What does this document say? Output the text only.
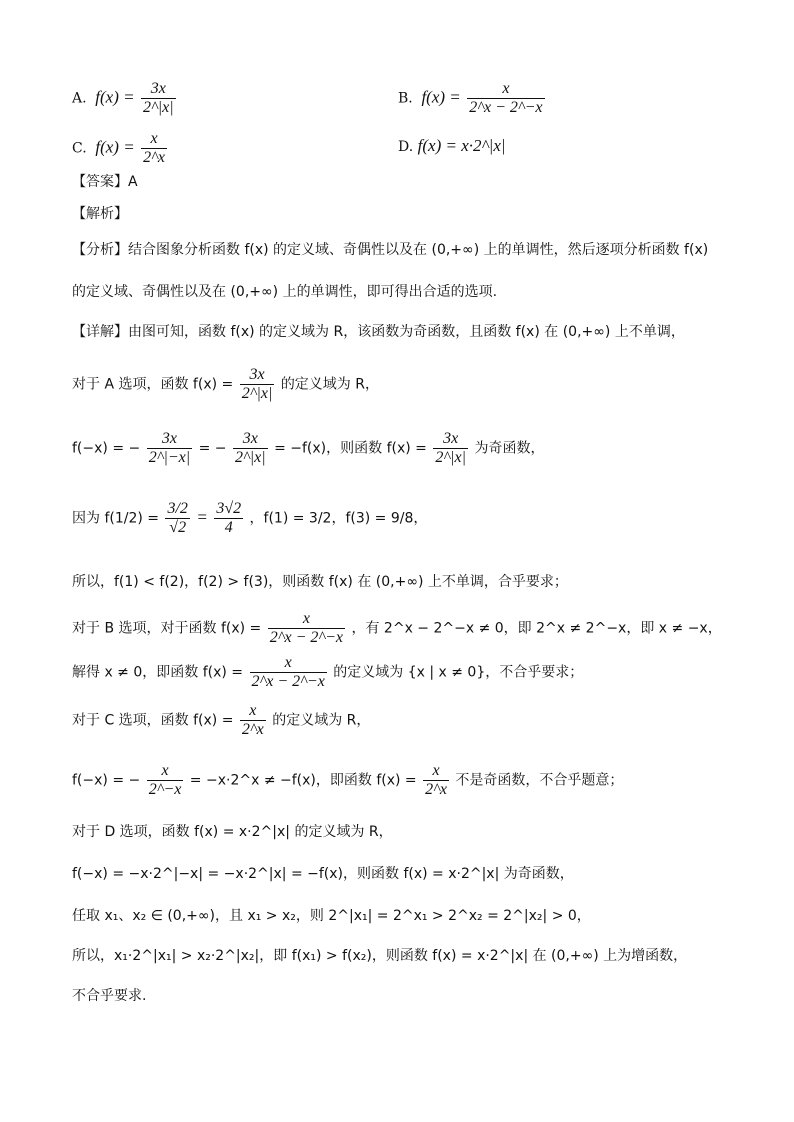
A.  $f(x) = \frac{3x}{2\^{}|x|}$	B.  $f(x) = \frac{x}{2\^{}x - 2\^{}-x}$
C.  $f(x) = \frac{x}{2\^{}x}$	D. f(x) = x·2^|x|
【答案】A
【解析】
【分析】结合图象分析函数 f(x) 的定义域、奇偶性以及在 (0,+∞) 上的单调性，然后逐项分析函数 f(x)
的定义域、奇偶性以及在 (0,+∞) 上的单调性，即可得出合适的选项.
【详解】由图可知，函数 f(x) 的定义域为 R，该函数为奇函数，且函数 f(x) 在 (0,+∞) 上不单调，
对于 A 选项，函数 $f(x) = \frac{3x}{2\^{}|x|}$ 的定义域为 R，
f(−x) = − $\frac{3x}{2\^{}|-x|}$ = − $\frac{3x}{2\^{}|x|} = -f(x)$，则函数 $f(x) = \frac{3x}{2\^{}|x|}$ 为奇函数，
因为 $f(1/2) = \frac{3/2}{√2} = \frac{3√2}{4}$ ，f(1) = 3/2，f(3) = 9/8，
所以，f(1) < f(2)，f(2) > f(3)，则函数 f(x) 在 (0,+∞) 上不单调，合乎要求；
对于 B 选项，对于函数 $f(x) = \frac{x}{2\^{}x - 2\^{}-x}$ ，有 2^x − 2^−x ≠ 0，即 2^x ≠ 2^−x，即 x ≠ −x，
解得 x ≠ 0，即函数 $f(x) = \frac{x}{2\^{}x - 2\^{}-x}$ 的定义域为 {x | x ≠ 0}，不合乎要求；
对于 C 选项，函数 $f(x) = \frac{x}{2\^{}x}$ 的定义域为 R，
f(−x) = − $\frac{x}{2\^{}-x}$ = −x·2^x ≠ −f(x)，即函数 $f(x) = \frac{x}{2\^{}x}$ 不是奇函数，不合乎题意；
对于 D 选项，函数 f(x) = x·2^|x| 的定义域为 R，
f(−x) = −x·2^|−x| = −x·2^|x| = −f(x)，则函数 f(x) = x·2^|x| 为奇函数，
任取 x₁、x₂ ∈ (0,+∞)，且 x₁ > x₂，则 2^|x₁| = 2^x₁ > 2^x₂ = 2^|x₂| > 0，
所以，x₁·2^|x₁| > x₂·2^|x₂|，即 f(x₁) > f(x₂)，则函数 f(x) = x·2^|x| 在 (0,+∞) 上为增函数，
不合乎要求.
